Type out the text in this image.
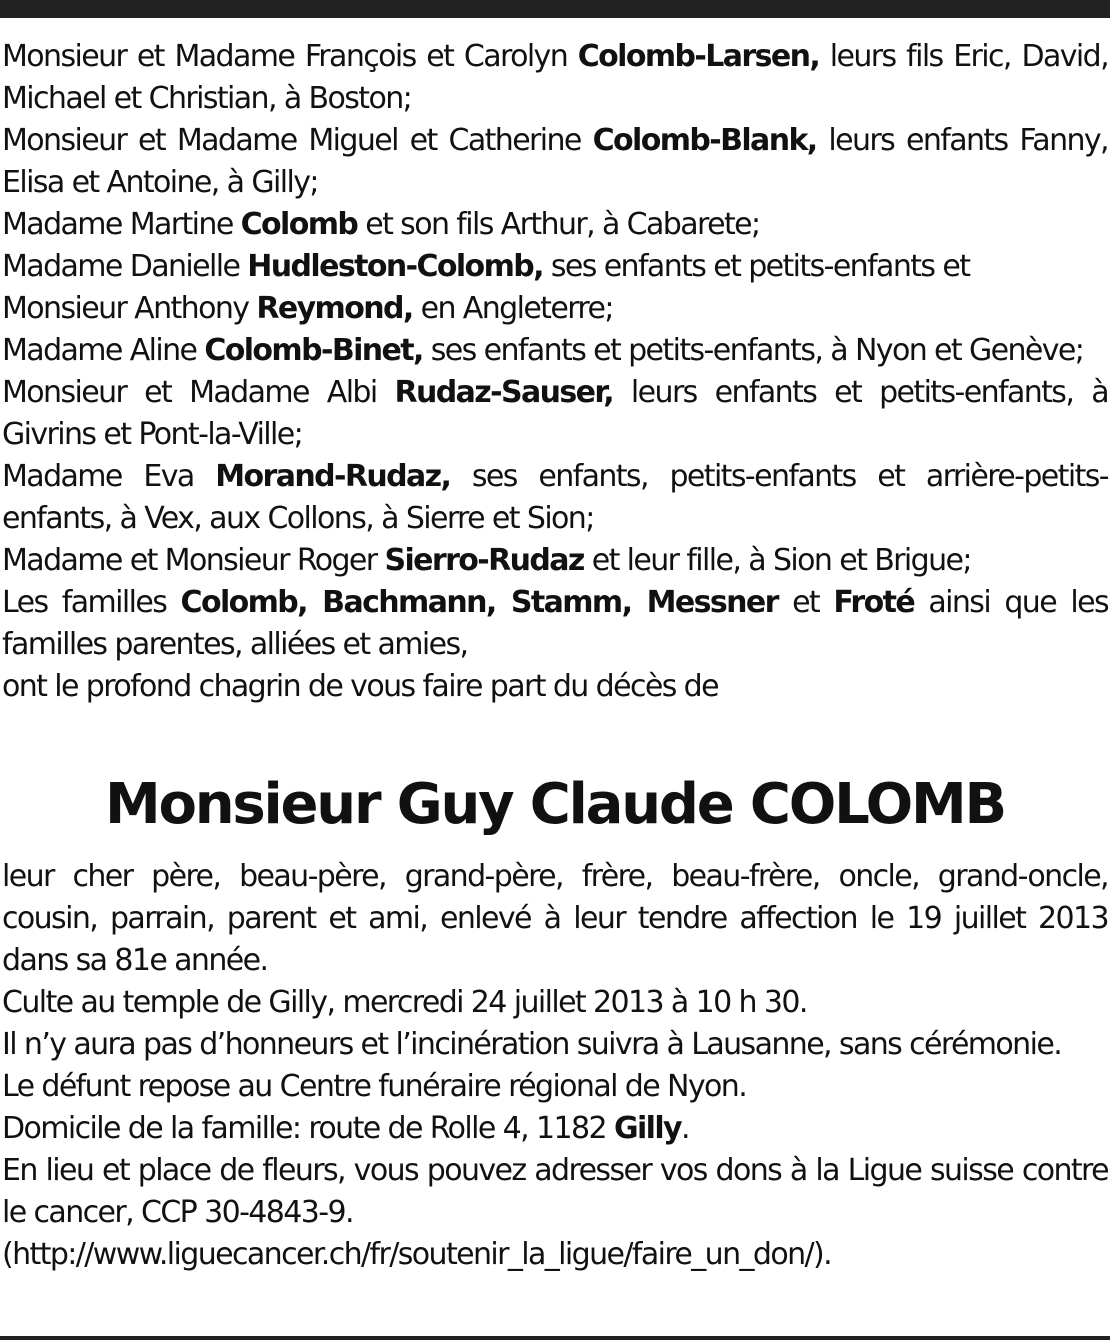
Monsieur et Madame François et Carolyn Colomb-Larsen, leurs fils Eric, David, Michael et Christian, à Boston;

Monsieur et Madame Miguel et Catherine Colomb-Blank, leurs enfants Fanny, Elisa et Antoine, à Gilly;

Madame Martine Colomb et son fils Arthur, à Cabarete;

Madame Danielle Hudleston-Colomb, ses enfants et petits-enfants et
Monsieur Anthony Reymond, en Angleterre;

Madame Aline Colomb-Binet, ses enfants et petits-enfants, à Nyon et Genève;

Monsieur et Madame Albi Rudaz-Sauser, leurs enfants et petits-enfants, à Givrins et Pont-la-Ville;

Madame Eva Morand-Rudaz, ses enfants, petits-enfants et arrière-petits-enfants, à Vex, aux Collons, à Sierre et Sion;

Madame et Monsieur Roger Sierro-Rudaz et leur fille, à Sion et Brigue;

Les familles Colomb, Bachmann, Stamm, Messner et Froté ainsi que les familles parentes, alliées et amies,

ont le profond chagrin de vous faire part du décès de

Monsieur Guy Claude COLOMB

leur cher père, beau-père, grand-père, frère, beau-frère, oncle, grand-oncle, cousin, parrain, parent et ami, enlevé à leur tendre affection le 19 juillet 2013 dans sa 81e année.

Culte au temple de Gilly, mercredi 24 juillet 2013 à 10 h 30.

Il n’y aura pas d’honneurs et l’incinération suivra à Lausanne, sans cérémonie.

Le défunt repose au Centre funéraire régional de Nyon.

Domicile de la famille: route de Rolle 4, 1182 Gilly.

En lieu et place de fleurs, vous pouvez adresser vos dons à la Ligue suisse contre le cancer, CCP 30-4843-9.

(http://www.liguecancer.ch/fr/soutenir_la_ligue/faire_un_don/).
